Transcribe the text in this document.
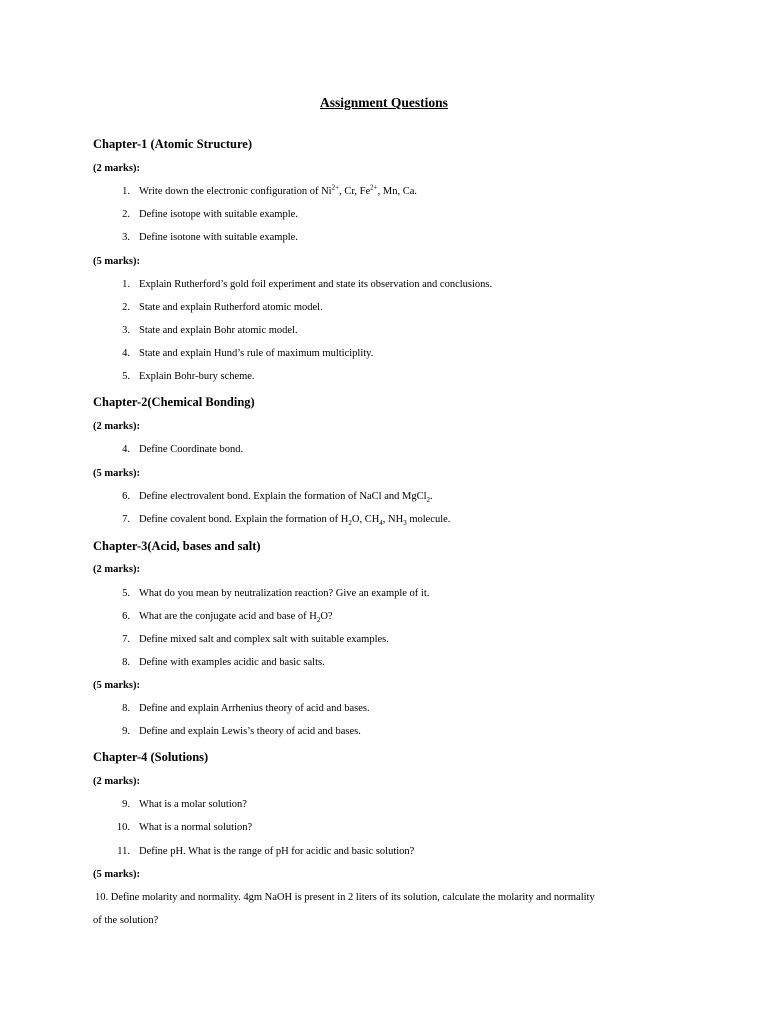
Assignment Questions
Chapter-1 (Atomic Structure)
(2 marks):
1. Write down the electronic configuration of $Ni^{2+}$, Cr, $Fe^{2+}$, Mn, Ca.
2. Define isotope with suitable example.
3. Define isotone with suitable example.
(5 marks):
1. Explain Rutherford’s gold foil experiment and state its observation and conclusions.
2. State and explain Rutherford atomic model.
3. State and explain Bohr atomic model.
4. State and explain Hund’s rule of maximum multiciplity.
5. Explain Bohr-bury scheme.
Chapter-2(Chemical Bonding)
(2 marks):
4. Define Coordinate bond.
(5 marks):
6. Define electrovalent bond. Explain the formation of NaCl and MgCl$_2$.
7. Define covalent bond. Explain the formation of $H_2O$, $CH_4$, $NH_3$ molecule.
Chapter-3(Acid, bases and salt)
(2 marks):
5. What do you mean by neutralization reaction? Give an example of it.
6. What are the conjugate acid and base of $H_2O$?
7. Define mixed salt and complex salt with suitable examples.
8. Define with examples acidic and basic salts.
(5 marks):
8. Define and explain Arrhenius theory of acid and bases.
9. Define and explain Lewis’s theory of acid and bases.
Chapter-4 (Solutions)
(2 marks):
9. What is a molar solution?
10. What is a normal solution?
11. Define pH. What is the range of pH for acidic and basic solution?
(5 marks):
10. Define molarity and normality. 4gm NaOH is present in 2 liters of its solution, calculate the molarity and normality
of the solution?
